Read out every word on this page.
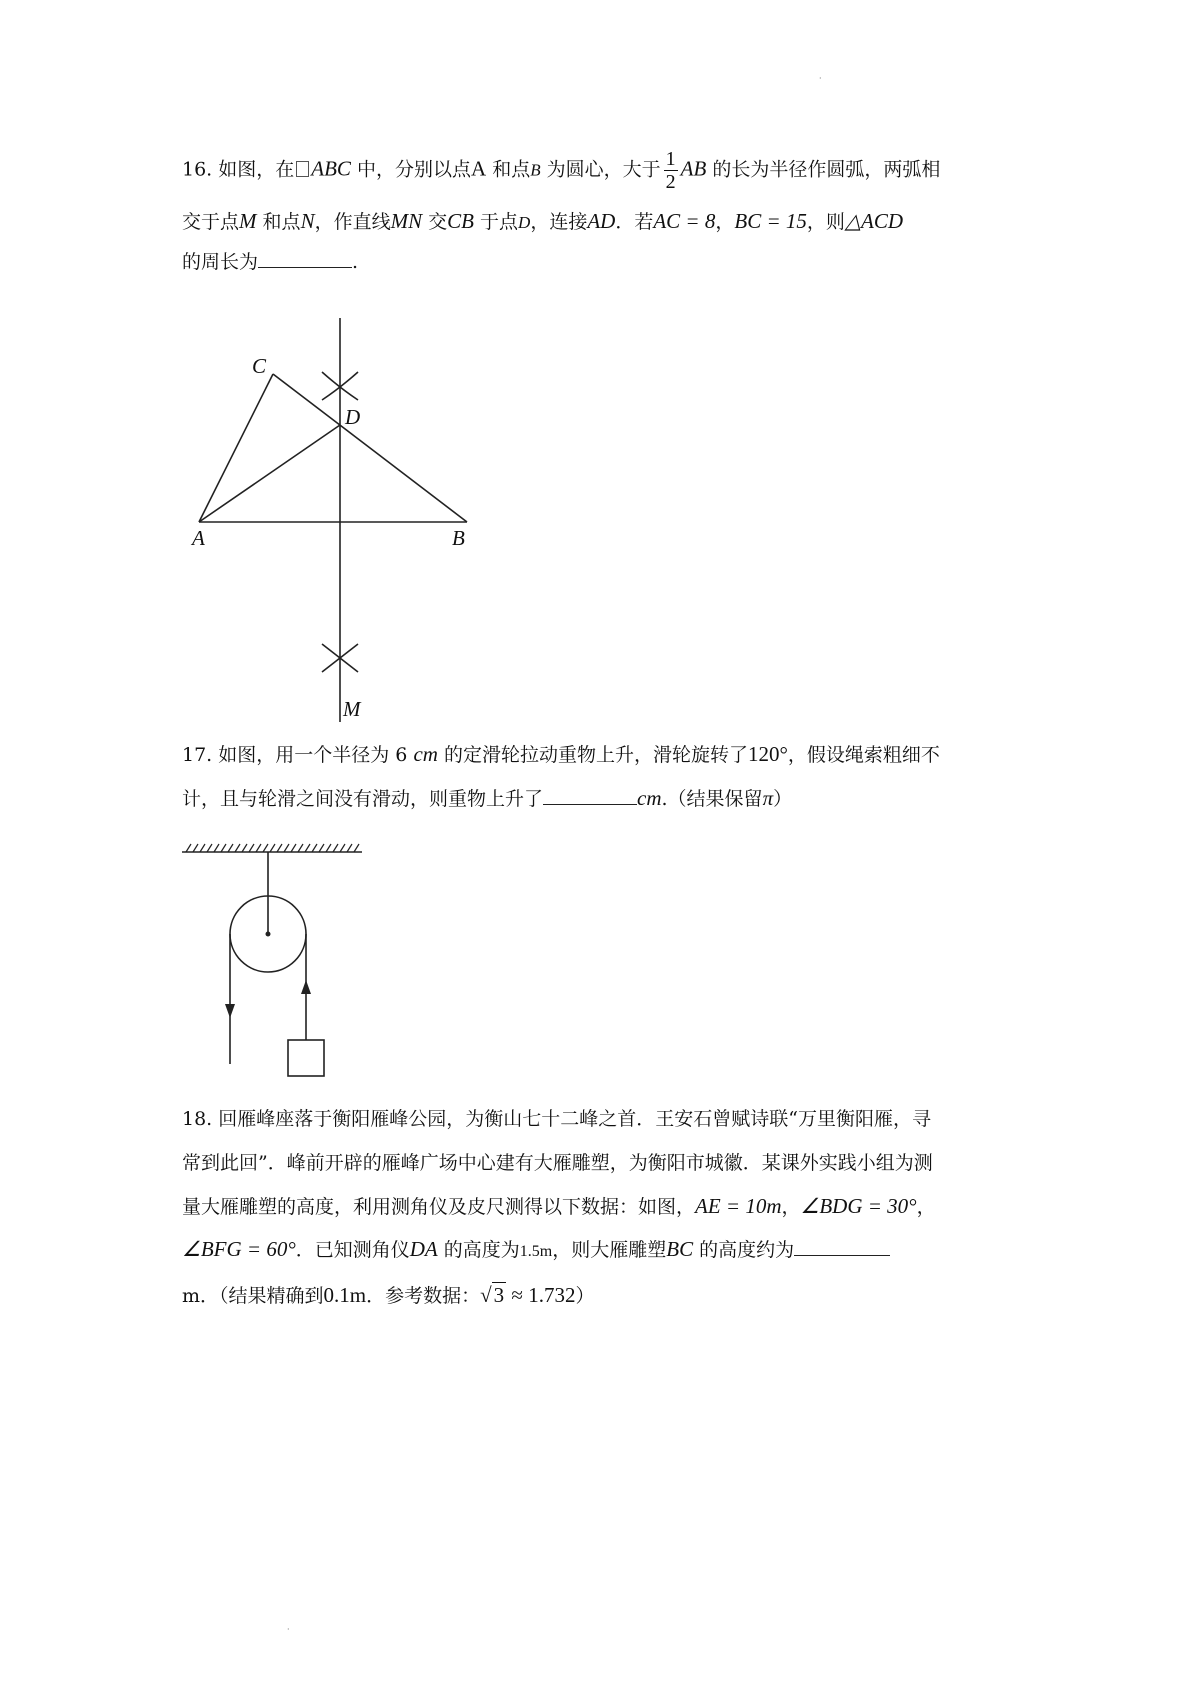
·
·
16. 如图，在 ABC 中，分别以点A 和点B 为圆心，大于 $\frac{1}{2}$ AB 的长为半径作圆弧，两弧相
交于点M 和点N，作直线MN 交CB 于点D，连接AD．若AC = 8，BC = 15，则△ACD
的周长为	.
C
D
A	B
M
17. 如图，用一个半径为 6 cm 的定滑轮拉动重物上升，滑轮旋转了120°，假设绳索粗细不
计，且与轮滑之间没有滑动，则重物上升了	cm.（结果保留π）
18. 回雁峰座落于衡阳雁峰公园，为衡山七十二峰之首．王安石曾赋诗联“万里衡阳雁，寻
常到此回”．峰前开辟的雁峰广场中心建有大雁雕塑，为衡阳市城徽．某课外实践小组为测
量大雁雕塑的高度，利用测角仪及皮尺测得以下数据：如图，AE = 10m，∠BDG = 30°，
∠BFG = 60°．已知测角仪DA 的高度为1.5m，则大雁雕塑BC 的高度约为
m．（结果精确到0.1m．参考数据：√3 ≈ 1.732）
